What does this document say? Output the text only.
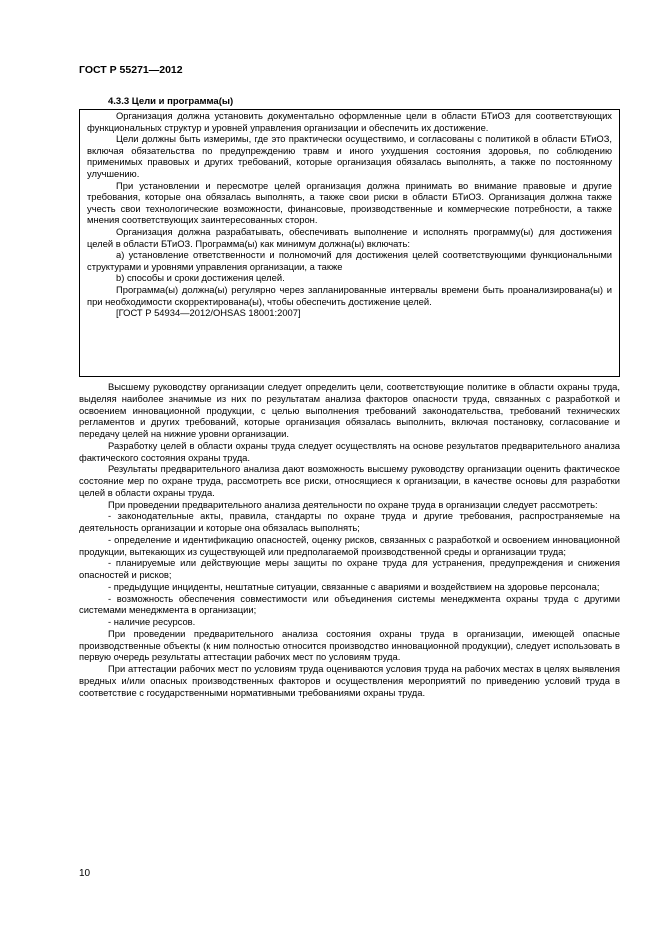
ГОСТ Р 55271—2012
4.3.3 Цели и программа(ы)

Организация должна установить документально оформленные цели в области БТиОЗ для соответствующих функциональных структур и уровней управления организации и обеспечить их достижение.

Цели должны быть измеримы, где это практически осуществимо, и согласованы с политикой в области БТиОЗ, включая обязательства по предупреждению травм и иного ухудшения состояния здоровья, по соблюдению применимых правовых и других требований, которые организация обязалась выполнять, а также по постоянному улучшению.

При установлении и пересмотре целей организация должна принимать во внимание правовые и другие требования, которые она обязалась выполнять, а также свои риски в области БТиОЗ. Организация должна также учесть свои технологические возможности, финансовые, производственные и коммерческие потребности, а также мнения соответствующих заинтересованных сторон.

Организация должна разрабатывать, обеспечивать выполнение и исполнять программу(ы) для достижения целей в области БТиОЗ. Программа(ы) как минимум должна(ы) включать:

а) установление ответственности и полномочий для достижения целей соответствующими функциональными структурами и уровнями управления организации, а также

b) способы и сроки достижения целей.

Программа(ы) должна(ы) регулярно через запланированные интервалы времени быть проанализирована(ы) и при необходимости скорректирована(ы), чтобы обеспечить достижение целей.

[ГОСТ Р 54934—2012/OHSAS 18001:2007]

Высшему руководству организации следует определить цели, соответствующие политике в области охраны труда, выделяя наиболее значимые из них по результатам анализа факторов опасности труда, связанных с разработкой и освоением инновационной продукции, с целью выполнения требований законодательства, требований технических регламентов и других требований, которые организация обязалась выполнить, включая постановку, согласование и передачу целей на нижние уровни организации.

Разработку целей в области охраны труда следует осуществлять на основе результатов предварительного анализа фактического состояния охраны труда.

Результаты предварительного анализа дают возможность высшему руководству организации оценить фактическое состояние мер по охране труда, рассмотреть все риски, относящиеся к организации, в качестве основы для разработки целей в области охраны труда.

При проведении предварительного анализа деятельности по охране труда в организации следует рассмотреть:

- законодательные акты, правила, стандарты по охране труда и другие требования, распространяемые на деятельность организации и которые она обязалась выполнять;

- определение и идентификацию опасностей, оценку рисков, связанных с разработкой и освоением инновационной продукции, вытекающих из существующей или предполагаемой производственной среды и организации труда;

- планируемые или действующие меры защиты по охране труда для устранения, предупреждения и снижения опасностей и рисков;

- предыдущие инциденты, нештатные ситуации, связанные с авариями и воздействием на здоровье персонала;

- возможность обеспечения совместимости или объединения системы менеджмента охраны труда с другими системами менеджмента в организации;

- наличие ресурсов.

При проведении предварительного анализа состояния охраны труда в организации, имеющей опасные производственные объекты (к ним полностью относится производство инновационной продукции), следует использовать в первую очередь результаты аттестации рабочих мест по условиям труда.

При аттестации рабочих мест по условиям труда оцениваются условия труда на рабочих местах в целях выявления вредных и/или опасных производственных факторов и осуществления мероприятий по приведению условий труда в соответствие с государственными нормативными требованиями охраны труда.

10
